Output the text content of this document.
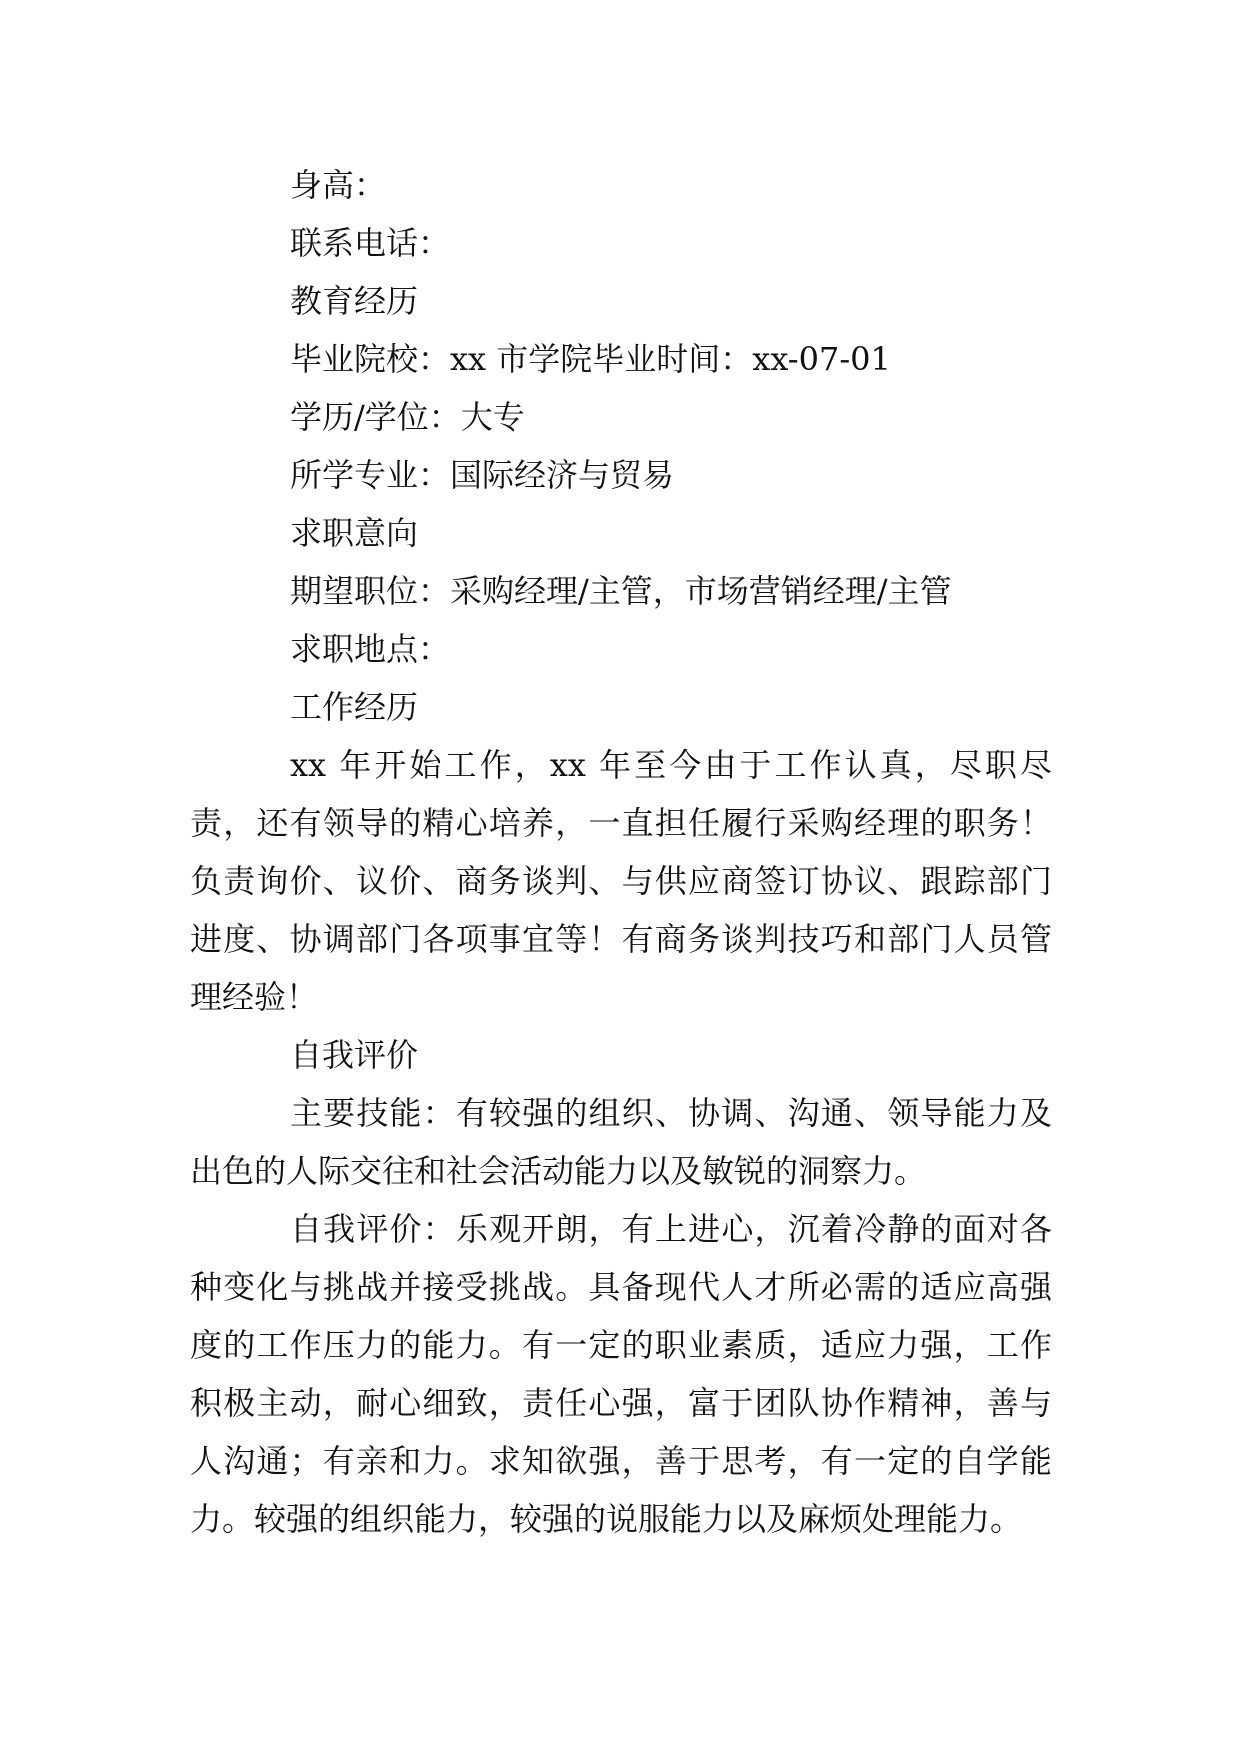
身高：
联系电话：
教育经历
毕业院校：xx 市学院毕业时间：xx-07-01
学历/学位：大专
所学专业：国际经济与贸易
求职意向
期望职位：采购经理/主管，市场营销经理/主管
求职地点：
工作经历
xx 年开始工作，xx 年至今由于工作认真，尽职尽责，还有领导的精心培养，一直担任履行采购经理的职务！负责询价、议价、商务谈判、与供应商签订协议、跟踪部门进度、协调部门各项事宜等！有商务谈判技巧和部门人员管理经验！
自我评价
主要技能：有较强的组织、协调、沟通、领导能力及出色的人际交往和社会活动能力以及敏锐的洞察力。
自我评价：乐观开朗，有上进心，沉着冷静的面对各种变化与挑战并接受挑战。具备现代人才所必需的适应高强度的工作压力的能力。有一定的职业素质，适应力强，工作积极主动，耐心细致，责任心强，富于团队协作精神，善与人沟通；有亲和力。求知欲强，善于思考，有一定的自学能力。较强的组织能力，较强的说服能力以及麻烦处理能力。
